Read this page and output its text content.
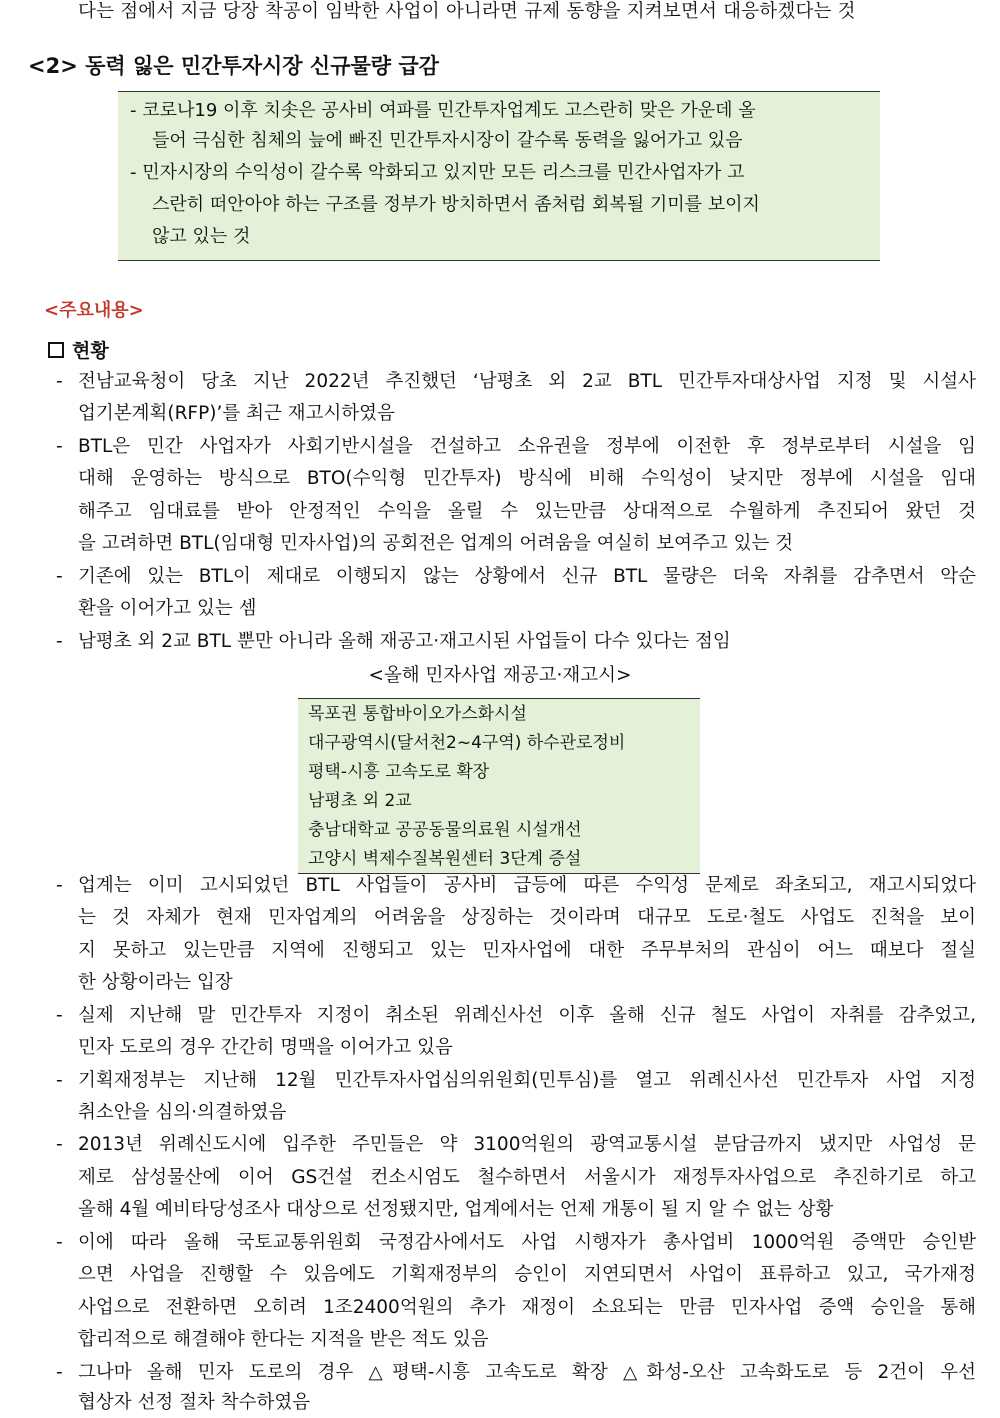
다는 점에서 지금 당장 착공이 임박한 사업이 아니라면 규제 동향을 지켜보면서 대응하겠다는 것
<2> 동력 잃은 민간투자시장 신규물량 급감
- 코로나19 이후 치솟은 공사비 여파를 민간투자업계도 고스란히 맞은 가운데 올
들어 극심한 침체의 늪에 빠진 민간투자시장이 갈수록 동력을 잃어가고 있음
- 민자시장의 수익성이 갈수록 악화되고 있지만 모든 리스크를 민간사업자가 고
스란히 떠안아야 하는 구조를 정부가 방치하면서 좀처럼 회복될 기미를 보이지
않고 있는 것
<주요내용>
현황
- 전남교육청이 당초 지난 2022년 추진했던 ‘남평초 외 2교 BTL 민간투자대상사업 지정 및 시설사
업기본계획(RFP)’를 최근 재고시하였음
- BTL은 민간 사업자가 사회기반시설을 건설하고 소유권을 정부에 이전한 후 정부로부터 시설을 임
대해 운영하는 방식으로 BTO(수익형 민간투자) 방식에 비해 수익성이 낮지만 정부에 시설을 임대
해주고 임대료를 받아 안정적인 수익을 올릴 수 있는만큼 상대적으로 수월하게 추진되어 왔던 것
을 고려하면 BTL(임대형 민자사업)의 공회전은 업계의 어려움을 여실히 보여주고 있는 것
- 기존에 있는 BTL이 제대로 이행되지 않는 상황에서 신규 BTL 물량은 더욱 자취를 감추면서 악순
환을 이어가고 있는 셈
- 남평초 외 2교 BTL 뿐만 아니라 올해 재공고·재고시된 사업들이 다수 있다는 점임
<올해 민자사업 재공고·재고시>
목포권 통합바이오가스화시설
대구광역시(달서천2~4구역) 하수관로정비
평택-시흥 고속도로 확장
남평초 외 2교
충남대학교 공공동물의료원 시설개선
고양시 벽제수질복원센터 3단계 증설
- 업계는 이미 고시되었던 BTL 사업들이 공사비 급등에 따른 수익성 문제로 좌초되고, 재고시되었다
는 것 자체가 현재 민자업계의 어려움을 상징하는 것이라며 대규모 도로·철도 사업도 진척을 보이
지 못하고 있는만큼 지역에 진행되고 있는 민자사업에 대한 주무부처의 관심이 어느 때보다 절실
한 상황이라는 입장
- 실제 지난해 말 민간투자 지정이 취소된 위례신사선 이후 올해 신규 철도 사업이 자취를 감추었고,
민자 도로의 경우 간간히 명맥을 이어가고 있음
- 기획재정부는 지난해 12월 민간투자사업심의위원회(민투심)를 열고 위례신사선 민간투자 사업 지정
취소안을 심의·의결하였음
- 2013년 위례신도시에 입주한 주민들은 약 3100억원의 광역교통시설 분담금까지 냈지만 사업성 문
제로 삼성물산에 이어 GS건설 컨소시엄도 철수하면서 서울시가 재정투자사업으로 추진하기로 하고
올해 4월 예비타당성조사 대상으로 선정됐지만, 업계에서는 언제 개통이 될 지 알 수 없는 상황
- 이에 따라 올해 국토교통위원회 국정감사에서도 사업 시행자가 총사업비 1000억원 증액만 승인받
으면 사업을 진행할 수 있음에도 기획재정부의 승인이 지연되면서 사업이 표류하고 있고, 국가재정
사업으로 전환하면 오히려 1조2400억원의 추가 재정이 소요되는 만큼 민자사업 증액 승인을 통해
합리적으로 해결해야 한다는 지적을 받은 적도 있음
- 그나마 올해 민자 도로의 경우 △평택-시흥 고속도로 확장 △화성-오산 고속화도로 등 2건이 우선
협상자 선정 절차 착수하였음
